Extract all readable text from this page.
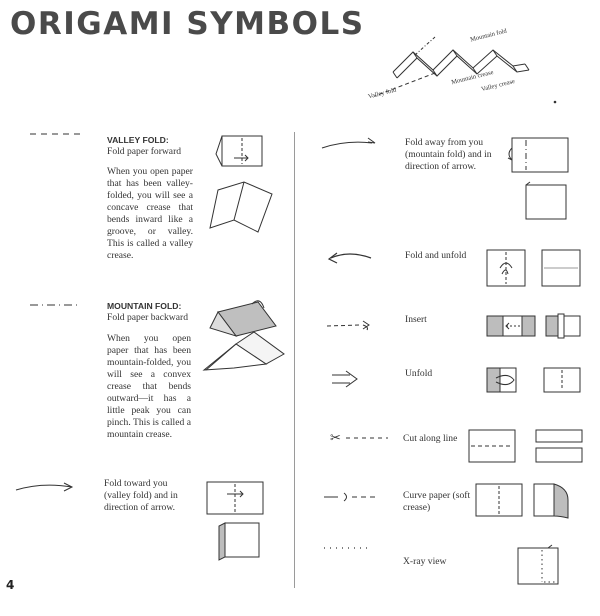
ORIGAMI SYMBOLS	Mountain fold
Mountain crease
Valley crease
Valley fold
VALLEY FOLD:
Fold paper forward
When you open paper that has been valley-folded, you will see a concave crease that bends inward like a groove, or valley. This is called a valley crease.
MOUNTAIN FOLD:
Fold paper backward
When you open paper that has been mountain-folded, you will see a convex crease that bends outward—it has a little peak you can pinch. This is called a mountain crease.
Fold toward you (valley fold) and in direction of arrow.
Fold away from you (mountain fold) and in direction of arrow.
Fold and unfold
Insert
Unfold
✂	Cut along line
Curve paper (soft crease)
X-ray view
4
